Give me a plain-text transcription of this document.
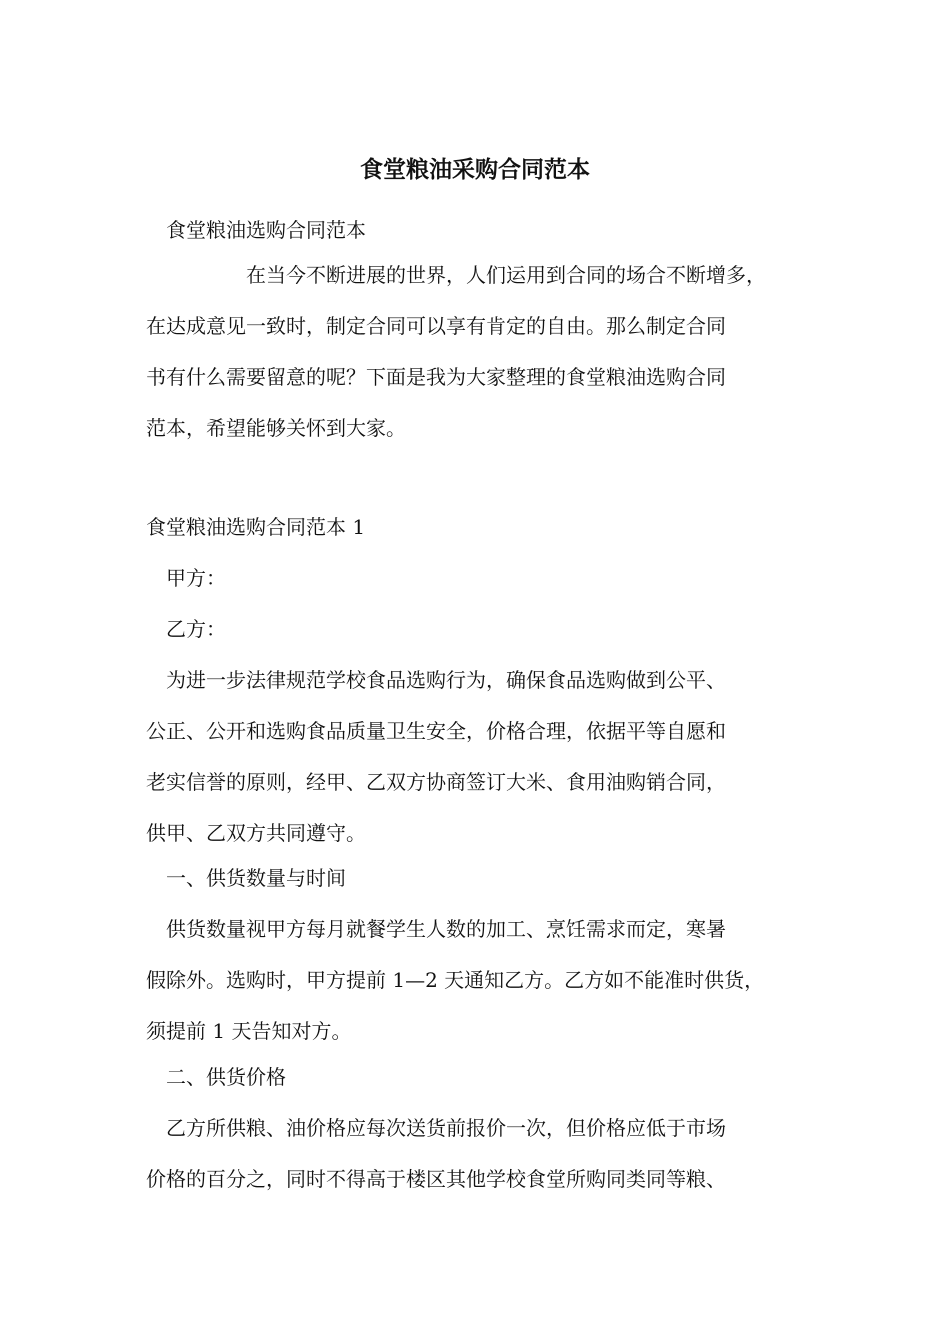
食堂粮油采购合同范本

食堂粮油选购合同范本

在当今不断进展的世界，人们运用到合同的场合不断增多，

在达成意见一致时，制定合同可以享有肯定的自由。那么制定合同

书有什么需要留意的呢？下面是我为大家整理的食堂粮油选购合同

范本，希望能够关怀到大家。

食堂粮油选购合同范本 1

甲方：

乙方：

为进一步法律规范学校食品选购行为，确保食品选购做到公平、

公正、公开和选购食品质量卫生安全，价格合理，依据平等自愿和

老实信誉的原则，经甲、乙双方协商签订大米、食用油购销合同，

供甲、乙双方共同遵守。

一、供货数量与时间

供货数量视甲方每月就餐学生人数的加工、烹饪需求而定，寒暑

假除外。选购时，甲方提前 1—2 天通知乙方。乙方如不能准时供货，

须提前 1 天告知对方。

二、供货价格

乙方所供粮、油价格应每次送货前报价一次，但价格应低于市场

价格的百分之，同时不得高于楼区其他学校食堂所购同类同等粮、
